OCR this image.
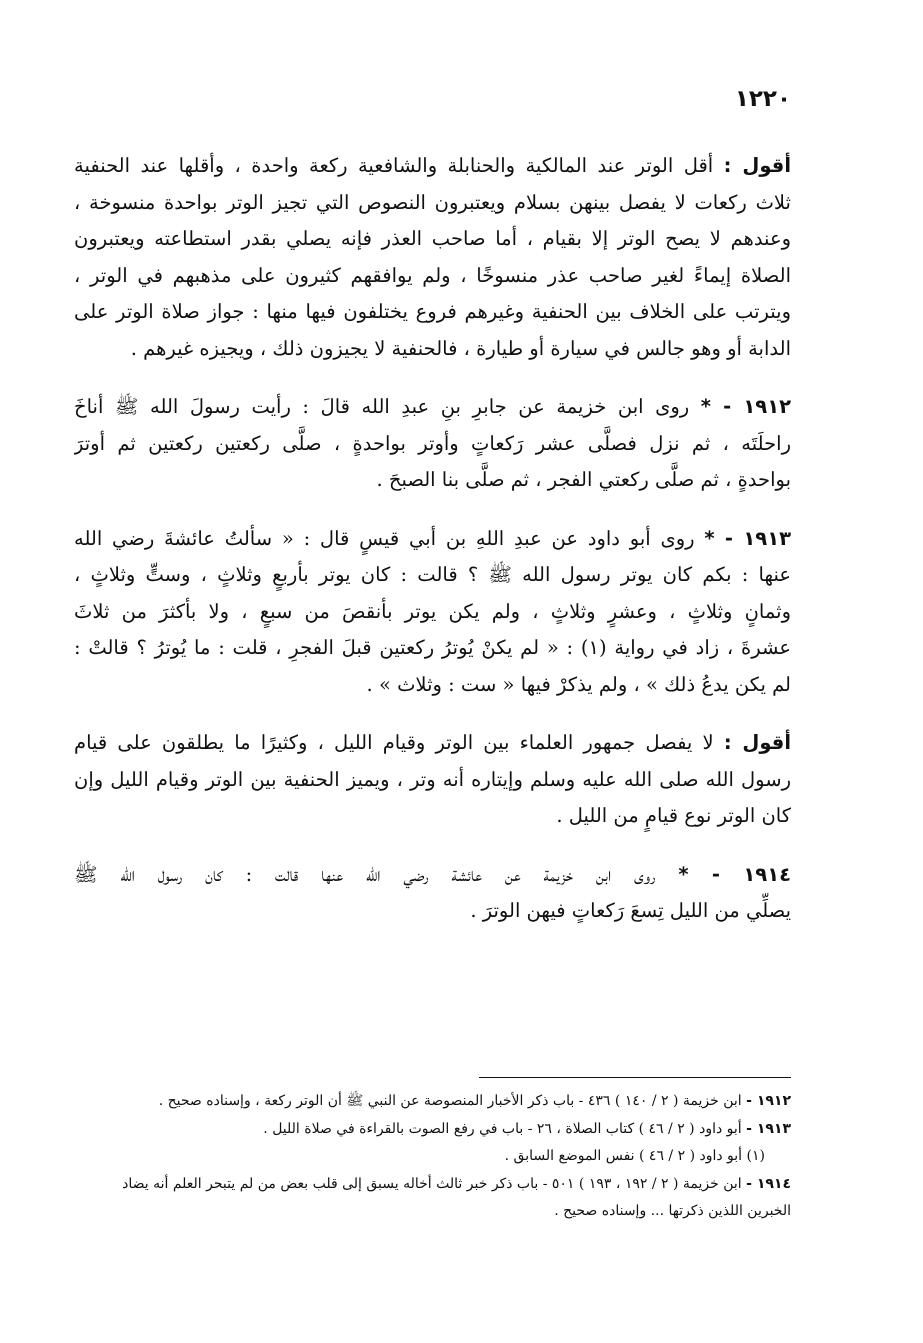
١٢٢٠

أقول : أقل الوتر عند المالكية والحنابلة والشافعية ركعة واحدة ، وأقلها عند الحنفية
ثلاث ركعات لا يفصل بينهن بسلام ويعتبرون النصوص التي تجيز الوتر بواحدة منسوخة ،
وعندهم لا يصح الوتر إلا بقيام ، أما صاحب العذر فإنه يصلي بقدر استطاعته ويعتبرون
الصلاة إيماءً لغير صاحب عذر منسوخًا ، ولم يوافقهم كثيرون على مذهبهم في الوتر ،
ويترتب على الخلاف بين الحنفية وغيرهم فروع يختلفون فيها منها : جواز صلاة الوتر على
الدابة أو وهو جالس في سيارة أو طيارة ، فالحنفية لا يجيزون ذلك ، ويجيزه غيرهم .

١٩١٢ - * روى ابن خزيمة عن جابرِ بنِ عبدِ الله قالَ : رأيت رسولَ الله ﷺ أناخَ
راحلَتَه ، ثم نزل فصلَّى عشر رَكعاتٍ وأوتر بواحدةٍ ، صلَّى ركعتين ركعتين ثم أوترَ
بواحدةٍ ، ثم صلَّى ركعتي الفجر ، ثم صلَّى بنا الصبحَ .

١٩١٣ - * روى أبو داود عن عبدِ اللهِ بن أبي قيسٍ قال : « سألتُ عائشةَ رضي الله
عنها : بكم كان يوتر رسول الله ﷺ ؟ قالت : كان يوتر بأربعٍ وثلاثٍ ، وستٍّ وثلاثٍ ،
وثمانٍ وثلاثٍ ، وعشرٍ وثلاثٍ ، ولم يكن يوتر بأنقصَ من سبعٍ ، ولا بأكثرَ من ثلاثَ
عشرةَ ، زاد في رواية (١) : « لم يكنْ يُوترُ ركعتين قبلَ الفجرِ ، قلت : ما يُوترُ ؟ قالتْ :
لم يكن يدعُ ذلك » ، ولم يذكرْ فيها « ست : وثلاث » .

أقول : لا يفصل جمهور العلماء بين الوتر وقيام الليل ، وكثيرًا ما يطلقون على قيام
رسول الله صلى الله عليه وسلم وإيتاره أنه وتر ، ويميز الحنفية بين الوتر وقيام الليل وإن
كان الوتر نوع قيامٍ من الليل .

١٩١٤ - * روى ابن خزيمة عن عائشة رضي الله عنها قالت : كان رسول الله ﷺ
يصلِّي من الليل تِسعَ رَكعاتٍ فيهن الوترَ .

١٩١٢ - ابن خزيمة ( ٢ / ١٤٠ ) ٤٣٦ - باب ذكر الأخبار المنصوصة عن النبي ﷺ أن الوتر ركعة ، وإسناده صحيح .
١٩١٣ - أبو داود ( ٢ / ٤٦ ) كتاب الصلاة ، ٢٦ - باب في رفع الصوت بالقراءة في صلاة الليل .
(١) أبو داود ( ٢ / ٤٦ ) نفس الموضع السابق .
١٩١٤ - ابن خزيمة ( ٢ / ١٩٢ ، ١٩٣ ) ٥٠١ - باب ذكر خبر ثالث أخاله يسبق إلى قلب بعض من لم يتبحر العلم أنه يضاد
الخبرين اللذين ذكرتها ... وإسناده صحيح .
